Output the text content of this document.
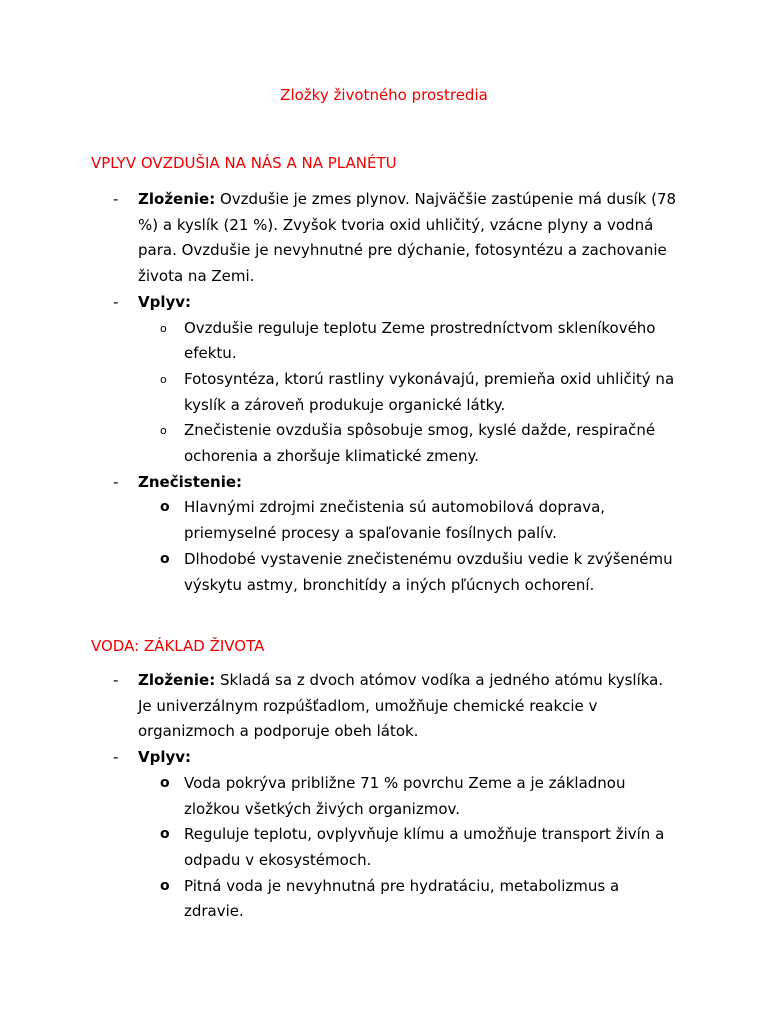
Zložky životného prostredia
VPLYV OVZDUŠIA NA NÁS A NA PLANÉTU
- Zloženie: Ovzdušie je zmes plynov. Najväčšie zastúpenie má dusík (78 %) a kyslík (21 %). Zvyšok tvoria oxid uhličitý, vzácne plyny a vodná para. Ovzdušie je nevyhnutné pre dýchanie, fotosyntézu a zachovanie života na Zemi.
- Vplyv:
o Ovzdušie reguluje teplotu Zeme prostredníctvom skleníkového efektu.
o Fotosyntéza, ktorú rastliny vykonávajú, premieňa oxid uhličitý na kyslík a zároveň produkuje organické látky.
o Znečistenie ovzdušia spôsobuje smog, kyslé dažde, respiračné ochorenia a zhoršuje klimatické zmeny.
- Znečistenie:
o Hlavnými zdrojmi znečistenia sú automobilová doprava, priemyselné procesy a spaľovanie fosílnych palív.
o Dlhodobé vystavenie znečistenému ovzdušiu vedie k zvýšenému výskytu astmy, bronchitídy a iných pľúcnych ochorení.
VODA: ZÁKLAD ŽIVOTA
- Zloženie: Skladá sa z dvoch atómov vodíka a jedného atómu kyslíka. Je univerzálnym rozpúšťadlom, umožňuje chemické reakcie v organizmoch a podporuje obeh látok.
- Vplyv:
o Voda pokrýva približne 71 % povrchu Zeme a je základnou zložkou všetkých živých organizmov.
o Reguluje teplotu, ovplyvňuje klímu a umožňuje transport živín a odpadu v ekosystémoch.
o Pitná voda je nevyhnutná pre hydratáciu, metabolizmus a zdravie.
